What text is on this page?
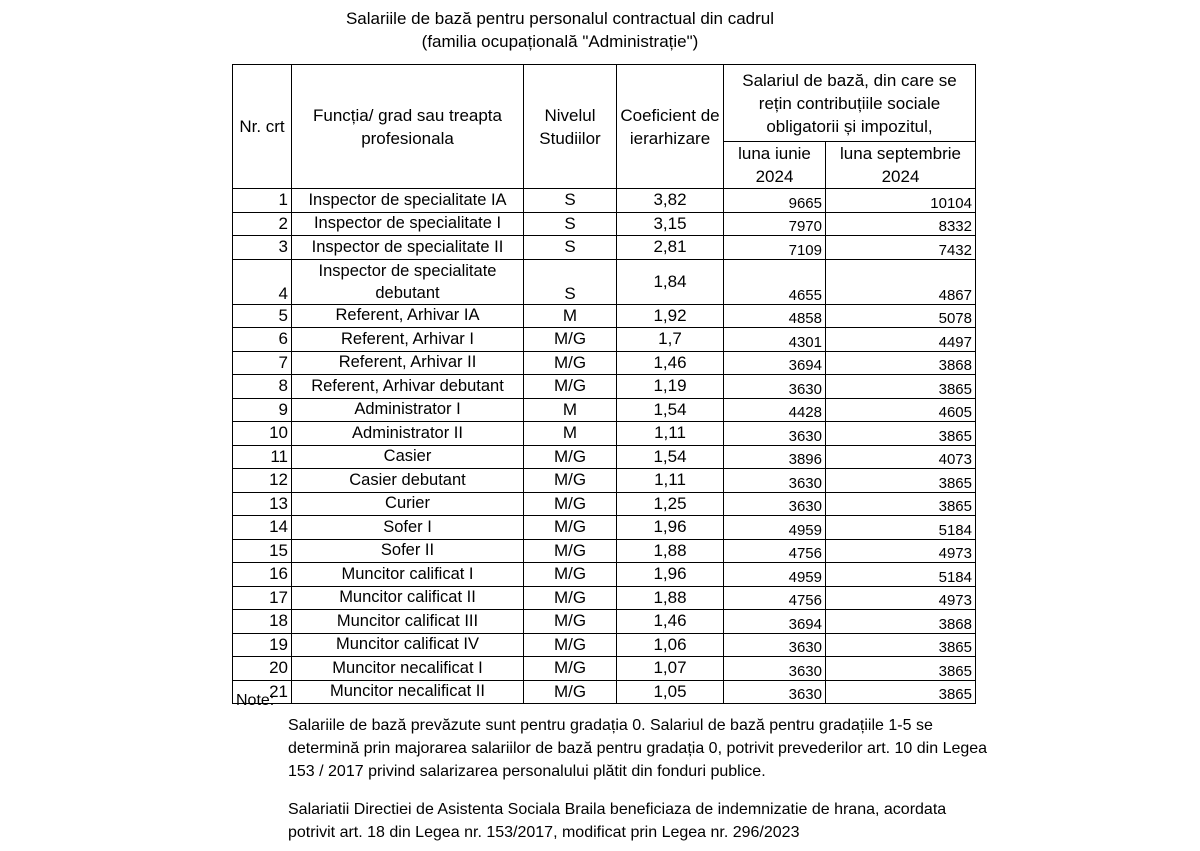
Salariile de bază pentru personalul contractual din cadrul
(familia ocupațională "Administrație")
Nr. crt	Funcția/ grad sau treapta profesionala	Nivelul Studiilor	Coeficient de ierarhizare	Salariul de bază, din care se rețin contribuțiile sociale obligatorii și impozitul,	
				luna iunie 2024	luna septembrie 2024
1	Inspector de specialitate IA	S	3,82	9665	10104
2	Inspector de specialitate I	S	3,15	7970	8332
3	Inspector de specialitate II	S	2,81	7109	7432
4	Inspector de specialitate debutant	S	1,84	4655	4867
5	Referent, Arhivar IA	M	1,92	4858	5078
6	Referent, Arhivar I	M/G	1,7	4301	4497
7	Referent, Arhivar II	M/G	1,46	3694	3868
8	Referent, Arhivar debutant	M/G	1,19	3630	3865
9	Administrator I	M	1,54	4428	4605
10	Administrator II	M	1,11	3630	3865
11	Casier	M/G	1,54	3896	4073
12	Casier debutant	M/G	1,11	3630	3865
13	Curier	M/G	1,25	3630	3865
14	Sofer I	M/G	1,96	4959	5184
15	Sofer II	M/G	1,88	4756	4973
16	Muncitor calificat I	M/G	1,96	4959	5184
17	Muncitor calificat II	M/G	1,88	4756	4973
18	Muncitor calificat III	M/G	1,46	3694	3868
19	Muncitor calificat IV	M/G	1,06	3630	3865
20	Muncitor necalificat I	M/G	1,07	3630	3865
21	Muncitor necalificat II	M/G	1,05	3630	3865
Note:
Salariile de bază prevăzute sunt pentru gradația 0. Salariul de bază pentru gradațiile 1-5 se determină prin majorarea salariilor de bază pentru gradația 0, potrivit prevederilor art. 10 din Legea 153 / 2017 privind salarizarea personalului plătit din fonduri publice.
Salariatii Directiei de Asistenta Sociala Braila beneficiaza de indemnizatie de hrana, acordata potrivit art. 18 din Legea nr. 153/2017, modificat prin Legea nr. 296/2023
